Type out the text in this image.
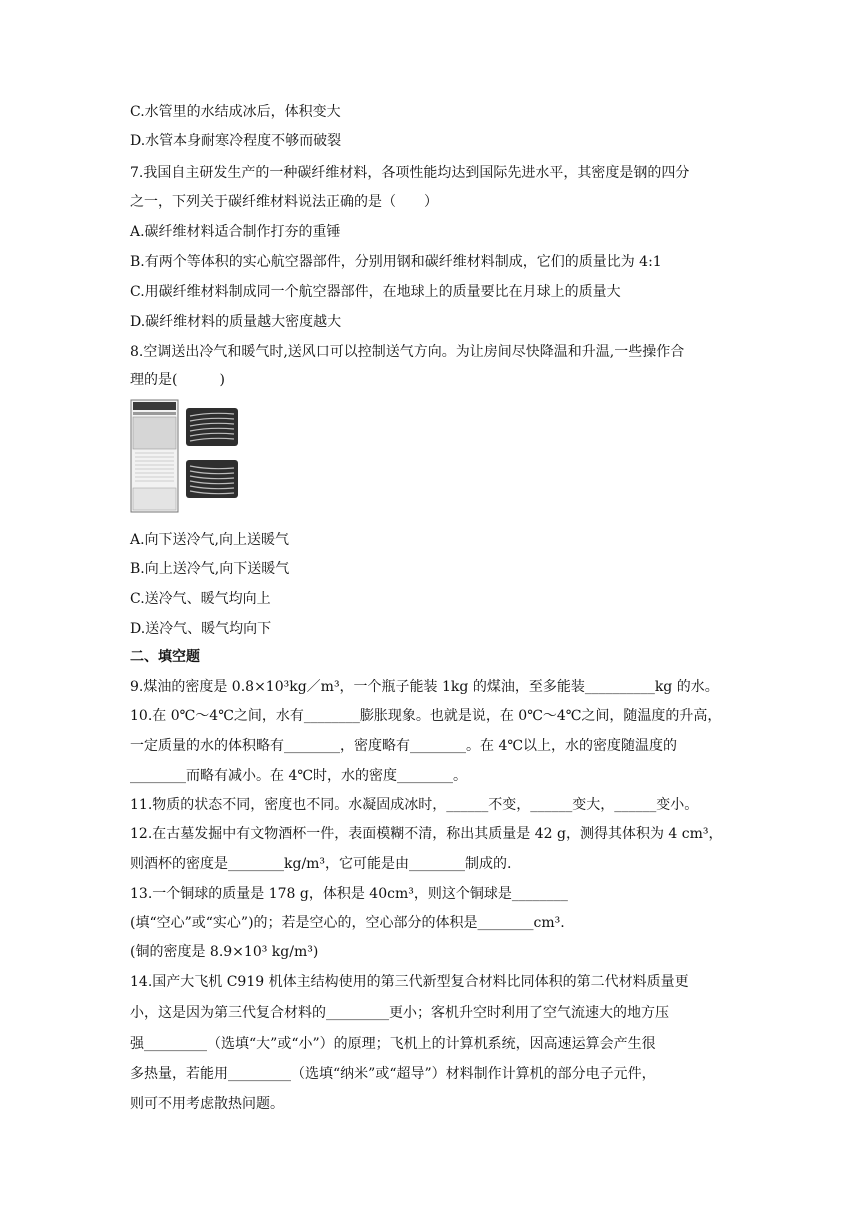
C.水管里的水结成冰后，体积变大
D.水管本身耐寒冷程度不够而破裂
7.我国自主研发生产的一种碳纤维材料，各项性能均达到国际先进水平，其密度是钢的四分
之一，下列关于碳纤维材料说法正确的是（　　）
A.碳纤维材料适合制作打夯的重锤
B.有两个等体积的实心航空器部件，分别用钢和碳纤维材料制成，它们的质量比为 4:1
C.用碳纤维材料制成同一个航空器部件，在地球上的质量要比在月球上的质量大
D.碳纤维材料的质量越大密度越大
8.空调送出冷气和暖气时,送风口可以控制送气方向。为让房间尽快降温和升温,一些操作合
理的是(　　　)
A.向下送冷气,向上送暖气
B.向上送冷气,向下送暖气
C.送冷气、暖气均向上
D.送冷气、暖气均向下
二、填空题
9.煤油的密度是 0.8×10³kg／m³，一个瓶子能装 1kg 的煤油，至多能装__________kg 的水。
10.在 0℃～4℃之间，水有________膨胀现象。也就是说，在 0℃～4℃之间，随温度的升高，
一定质量的水的体积略有________，密度略有________。在 4℃以上，水的密度随温度的
________而略有减小。在 4℃时，水的密度________。
11.物质的状态不同，密度也不同。水凝固成冰时，______不变，______变大，______变小。
12.在古墓发掘中有文物酒杯一件，表面模糊不清，称出其质量是 42 g，测得其体积为 4 cm³，
则酒杯的密度是________kg/m³，它可能是由________制成的.
13.一个铜球的质量是 178 g，体积是 40cm³，则这个铜球是________
(填“空心”或“实心”)的；若是空心的，空心部分的体积是________cm³.
(铜的密度是 8.9×10³ kg/m³)
14.国产大飞机 C919 机体主结构使用的第三代新型复合材料比同体积的第二代材料质量更
小，这是因为第三代复合材料的_________更小；客机升空时利用了空气流速大的地方压
强_________（选填“大”或“小”）的原理；飞机上的计算机系统，因高速运算会产生很
多热量，若能用_________（选填“纳米”或“超导”）材料制作计算机的部分电子元件，
则可不用考虑散热问题。
